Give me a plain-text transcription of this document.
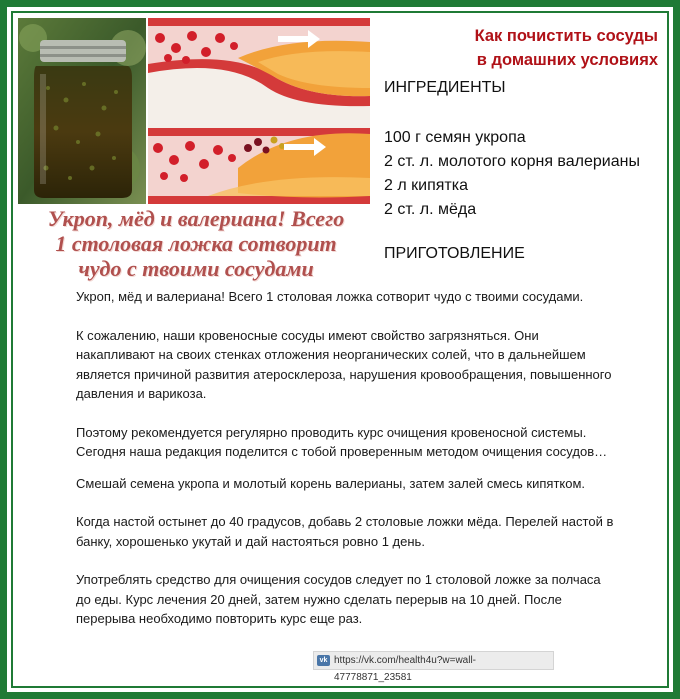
Как почистить сосуды
в домашних условиях
Укроп, мёд и валериана! Всего
1 столовая ложка сотворит
чудо с твоими сосудами
ИНГРЕДИЕНТЫ
100 г семян укропа
2 ст. л. молотого корня валерианы
2 л кипятка
2 ст. л. мёда
ПРИГОТОВЛЕНИЕ

Укроп, мёд и валериана! Всего 1 столовая ложка сотворит чудо с твоими сосудами.

К сожалению, наши кровеносные сосуды имеют свойство загрязняться. Они накапливают на своих стенках отложения неорганических солей, что в дальнейшем является причиной развития атеросклероза, нарушения кровообращения, повышенного давления и варикоза.

Поэтому рекомендуется регулярно проводить курс очищения кровеносной системы. Сегодня наша редакция поделится с тобой проверенным методом очищения сосудов…

Смешай семена укропа и молотый корень валерианы, затем залей смесь кипятком.

Когда настой остынет до 40 градусов, добавь 2 столовые ложки мёда. Перелей настой в банку, хорошенько укутай и дай настояться ровно 1 день.

Употреблять средство для очищения сосудов следует по 1 столовой ложке за полчаса до еды. Курс лечения 20 дней, затем нужно сделать перерыв на 10 дней. После перерыва необходимо повторить курс еще раз.

vk https://vk.com/health4u?w=wall-47778871_23581
